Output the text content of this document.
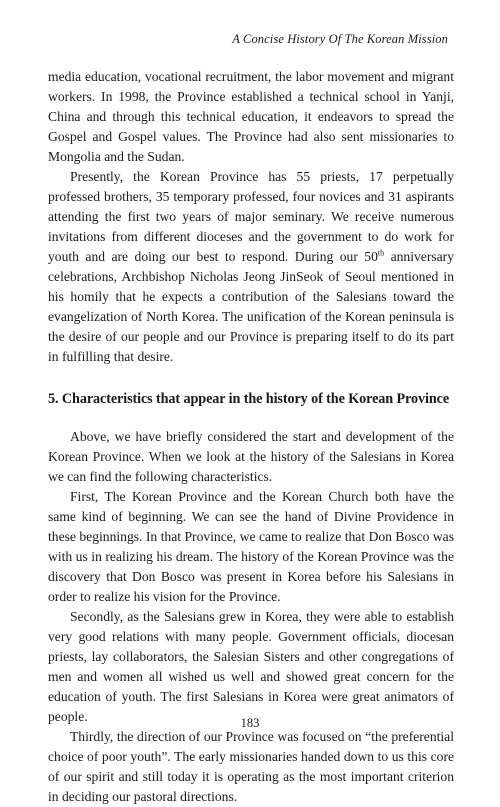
A Concise History Of The Korean Mission

media education, vocational recruitment, the labor movement and migrant workers. In 1998, the Province established a technical school in Yanji, China and through this technical education, it endeavors to spread the Gospel and Gospel values. The Province had also sent missionaries to Mongolia and the Sudan.

Presently, the Korean Province has 55 priests, 17 perpetually professed brothers, 35 temporary professed, four novices and 31 aspirants attending the first two years of major seminary. We receive numerous invitations from different dioceses and the government to do work for youth and are doing our best to respond. During our 50th anniversary celebrations, Archbishop Nicholas Jeong JinSeok of Seoul mentioned in his homily that he expects a contribution of the Salesians toward the evangelization of North Korea. The unification of the Korean peninsula is the desire of our people and our Province is preparing itself to do its part in fulfilling that desire.

5. Characteristics that appear in the history of the Korean Province

Above, we have briefly considered the start and development of the Korean Province. When we look at the history of the Salesians in Korea we can find the following characteristics.

First, The Korean Province and the Korean Church both have the same kind of beginning. We can see the hand of Divine Providence in these beginnings. In that Province, we came to realize that Don Bosco was with us in realizing his dream. The history of the Korean Province was the discovery that Don Bosco was present in Korea before his Salesians in order to realize his vision for the Province.

Secondly, as the Salesians grew in Korea, they were able to establish very good relations with many people. Government officials, diocesan priests, lay collaborators, the Salesian Sisters and other congregations of men and women all wished us well and showed great concern for the education of youth. The first Salesians in Korea were great animators of people.

Thirdly, the direction of our Province was focused on “the preferential choice of poor youth”. The early missionaries handed down to us this core of our spirit and still today it is operating as the most important criterion in deciding our pastoral directions.

183
